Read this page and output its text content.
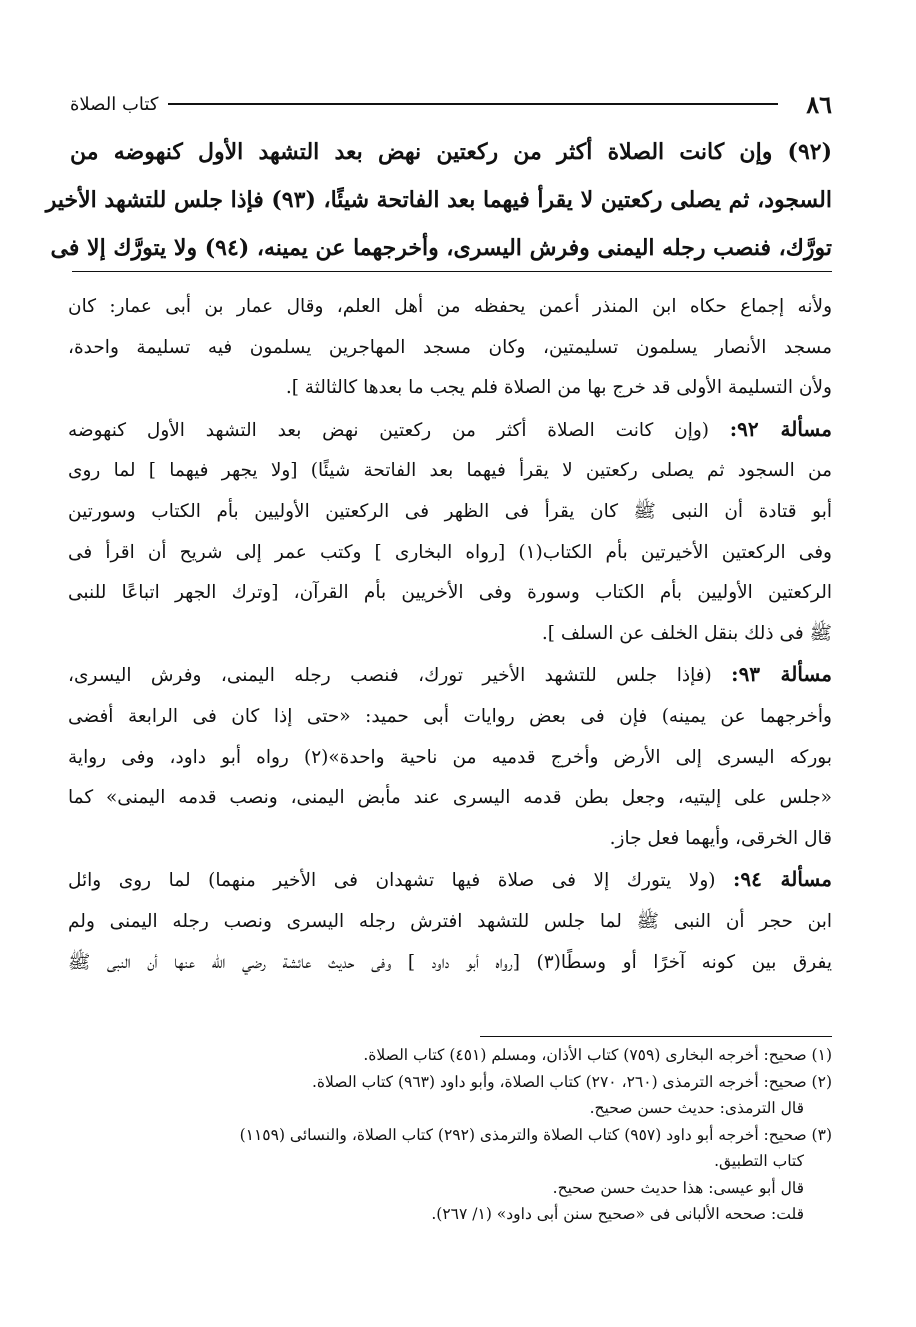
٨٦
كتاب الصلاة

(٩٢) وإن كانت الصلاة أكثر من ركعتين نهض بعد التشهد الأول كنهوضه من

السجود، ثم يصلى ركعتين لا يقرأ فيهما بعد الفاتحة شيئًا، (٩٣) فإذا جلس للتشهد الأخير

تورَّك، فنصب رجله اليمنى وفرش اليسرى، وأخرجهما عن يمينه، (٩٤) ولا يتورَّك إلا فى

ولأنه إجماع حكاه ابن المنذر أعمن يحفظه من أهل العلم، وقال عمار بن أبى عمار: كان
مسجد الأنصار يسلمون تسليمتين، وكان مسجد المهاجرين يسلمون فيه تسليمة واحدة،
ولأن التسليمة الأولى قد خرج بها من الصلاة فلم يجب ما بعدها كالثالثة ].
مسألة ٩٢: (وإن كانت الصلاة أكثر من ركعتين نهض بعد التشهد الأول كنهوضه
من السجود ثم يصلى ركعتين لا يقرأ فيهما بعد الفاتحة شيئًا) [ولا يجهر فيهما ] لما روى
أبو قتادة أن النبى ﷺ كان يقرأ فى الظهر فى الركعتين الأوليين بأم الكتاب وسورتين
وفى الركعتين الأخيرتين بأم الكتاب(١) [رواه البخارى ] وكتب عمر إلى شريح أن اقرأ فى
الركعتين الأوليين بأم الكتاب وسورة وفى الأخريين بأم القرآن، [وترك الجهر اتباعًا للنبى
ﷺ فى ذلك بنقل الخلف عن السلف ].
مسألة ٩٣: (فإذا جلس للتشهد الأخير تورك، فنصب رجله اليمنى، وفرش اليسرى،
وأخرجهما عن يمينه) فإن فى بعض روايات أبى حميد: «حتى إذا كان فى الرابعة أفضى
بوركه اليسرى إلى الأرض وأخرج قدميه من ناحية واحدة»(٢) رواه أبو داود، وفى رواية
«جلس على إليتيه، وجعل بطن قدمه اليسرى عند مأبض اليمنى، ونصب قدمه اليمنى» كما
قال الخرقى، وأيهما فعل جاز.
مسألة ٩٤: (ولا يتورك إلا فى صلاة فيها تشهدان فى الأخير منهما) لما روى وائل
ابن حجر أن النبى ﷺ لما جلس للتشهد افترش رجله اليسرى ونصب رجله اليمنى ولم
يفرق بين كونه آخرًا أو وسطًا(٣) [رواه أبو داود ] وفى حديث عائشة رضي الله عنها أن النبى ﷺ
(١) صحيح: أخرجه البخارى (٧٥٩) كتاب الأذان، ومسلم (٤٥١) كتاب الصلاة.
(٢) صحيح: أخرجه الترمذى (٢٦٠، ٢٧٠) كتاب الصلاة، وأبو داود (٩٦٣) كتاب الصلاة.
قال الترمذى: حديث حسن صحيح.
(٣) صحيح: أخرجه أبو داود (٩٥٧) كتاب الصلاة والترمذى (٢٩٢) كتاب الصلاة، والنسائى (١١٥٩)
كتاب التطبيق.
قال أبو عيسى: هذا حديث حسن صحيح.
قلت: صححه الألبانى فى «صحيح سنن أبى داود» (١/ ٢٦٧).
